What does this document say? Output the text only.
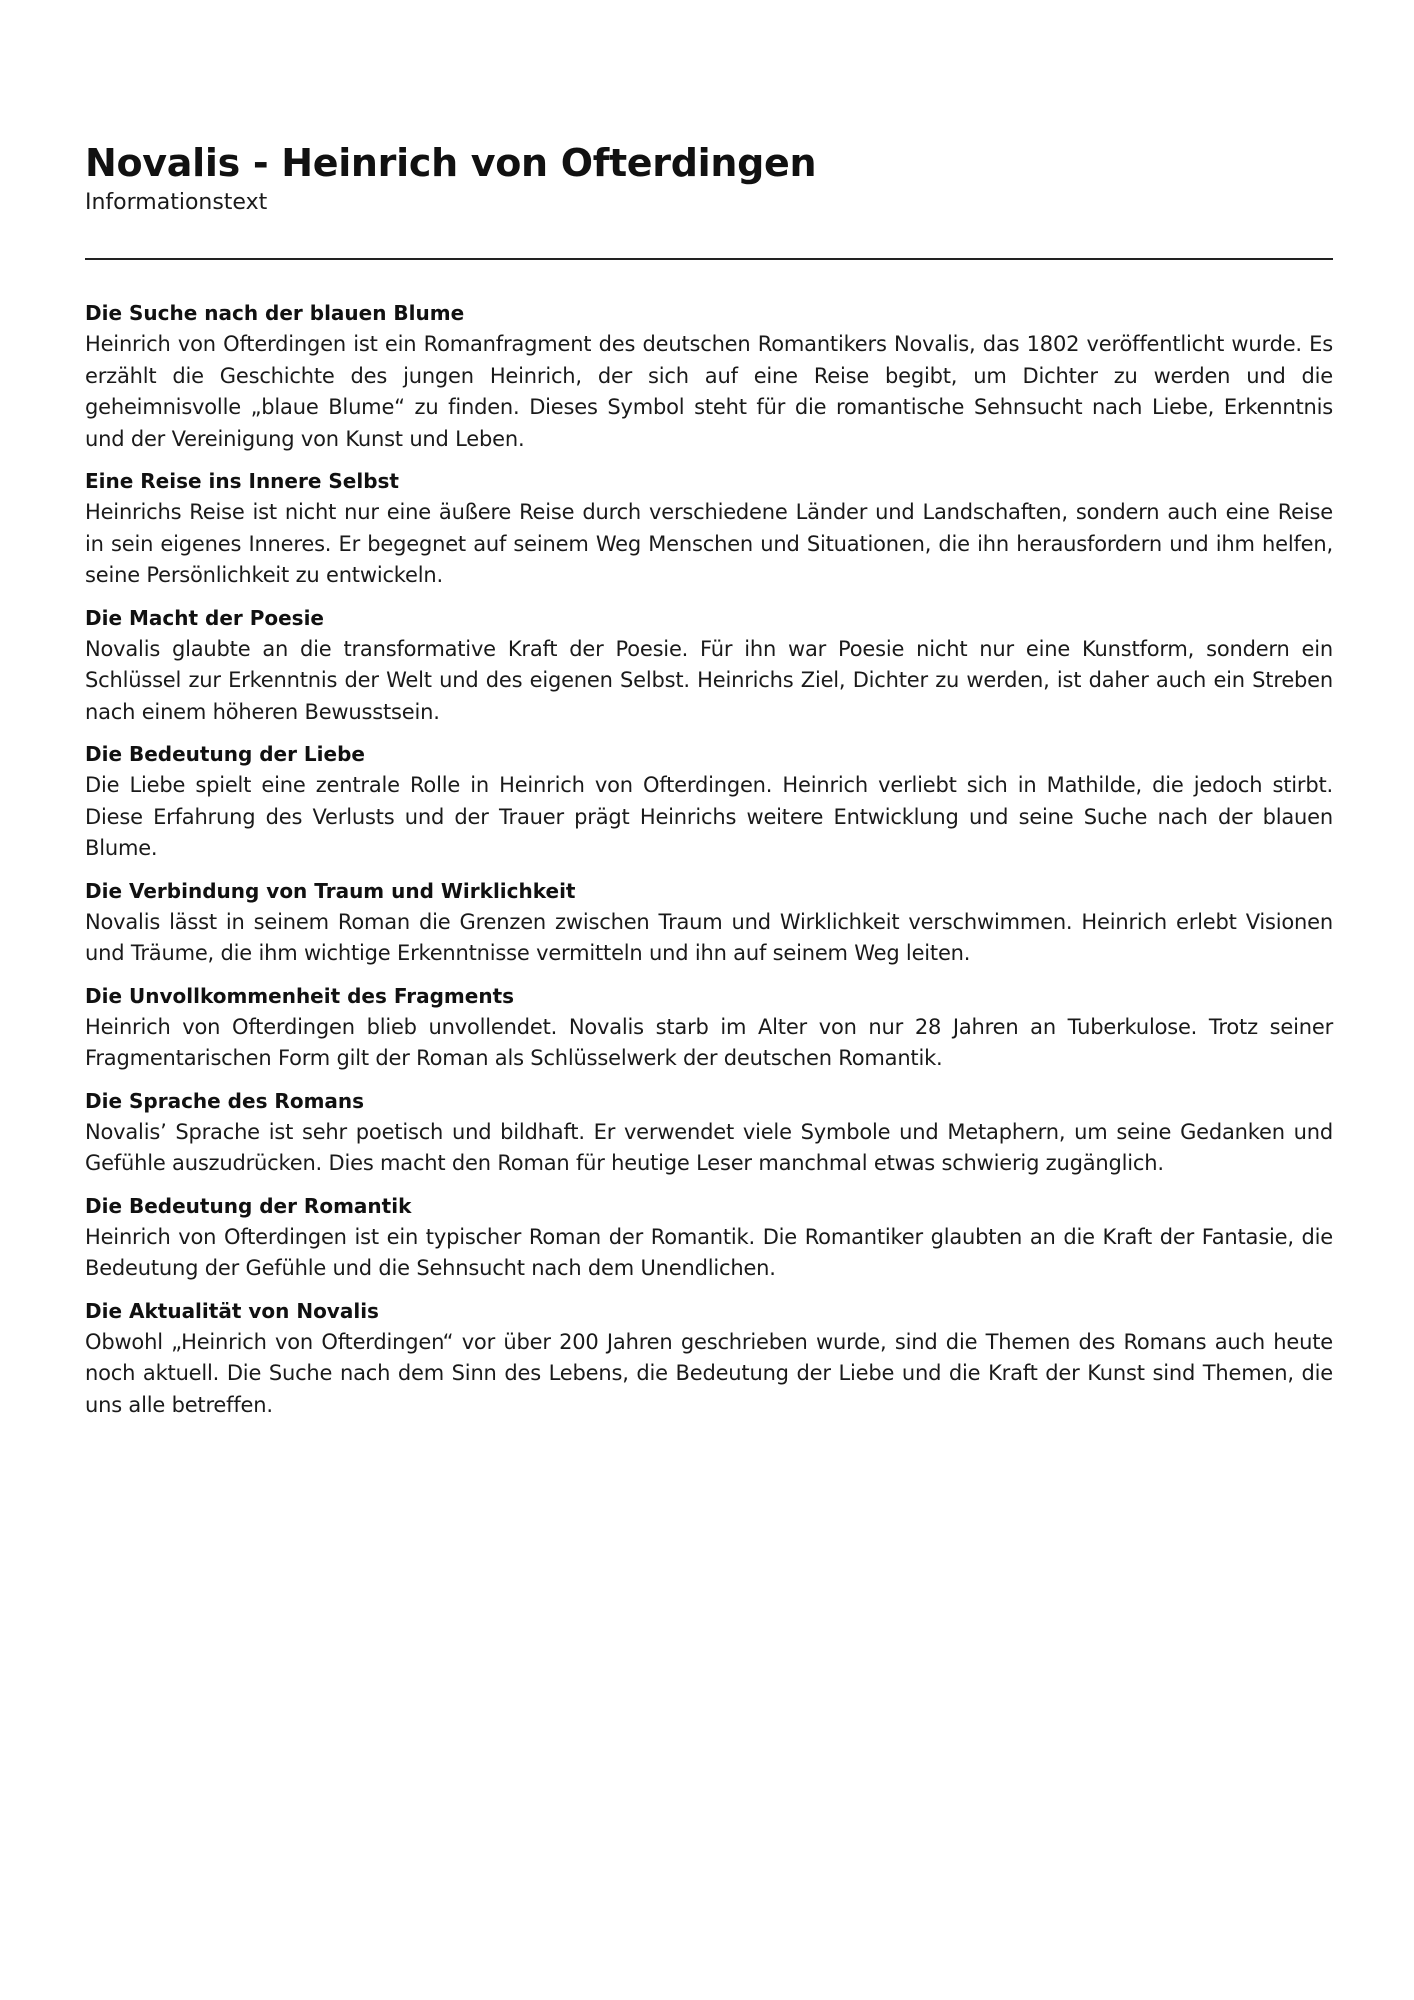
Novalis - Heinrich von Ofterdingen
Informationstext
Die Suche nach der blauen Blume

Heinrich von Ofterdingen ist ein Romanfragment des deutschen Romantikers Novalis, das 1802 veröffentlicht wurde. Es erzählt die Geschichte des jungen Heinrich, der sich auf eine Reise begibt, um Dichter zu werden und die geheimnisvolle „blaue Blume“ zu finden. Dieses Symbol steht für die romantische Sehnsucht nach Liebe, Erkenntnis und der Vereinigung von Kunst und Leben.

Eine Reise ins Innere Selbst

Heinrichs Reise ist nicht nur eine äußere Reise durch verschiedene Länder und Landschaften, sondern auch eine Reise in sein eigenes Inneres. Er begegnet auf seinem Weg Menschen und Situationen, die ihn herausfordern und ihm helfen, seine Persönlichkeit zu entwickeln.

Die Macht der Poesie

Novalis glaubte an die transformative Kraft der Poesie. Für ihn war Poesie nicht nur eine Kunstform, sondern ein Schlüssel zur Erkenntnis der Welt und des eigenen Selbst. Heinrichs Ziel, Dichter zu werden, ist daher auch ein Streben nach einem höheren Bewusstsein.

Die Bedeutung der Liebe

Die Liebe spielt eine zentrale Rolle in Heinrich von Ofterdingen. Heinrich verliebt sich in Mathilde, die jedoch stirbt. Diese Erfahrung des Verlusts und der Trauer prägt Heinrichs weitere Entwicklung und seine Suche nach der blauen Blume.

Die Verbindung von Traum und Wirklichkeit

Novalis lässt in seinem Roman die Grenzen zwischen Traum und Wirklichkeit verschwimmen. Heinrich erlebt Visionen und Träume, die ihm wichtige Erkenntnisse vermitteln und ihn auf seinem Weg leiten.

Die Unvollkommenheit des Fragments

Heinrich von Ofterdingen blieb unvollendet. Novalis starb im Alter von nur 28 Jahren an Tuberkulose. Trotz seiner Fragmentarischen Form gilt der Roman als Schlüsselwerk der deutschen Romantik.

Die Sprache des Romans

Novalis’ Sprache ist sehr poetisch und bildhaft. Er verwendet viele Symbole und Metaphern, um seine Gedanken und Gefühle auszudrücken. Dies macht den Roman für heutige Leser manchmal etwas schwierig zugänglich.

Die Bedeutung der Romantik

Heinrich von Ofterdingen ist ein typischer Roman der Romantik. Die Romantiker glaubten an die Kraft der Fantasie, die Bedeutung der Gefühle und die Sehnsucht nach dem Unendlichen.

Die Aktualität von Novalis

Obwohl „Heinrich von Ofterdingen“ vor über 200 Jahren geschrieben wurde, sind die Themen des Romans auch heute noch aktuell. Die Suche nach dem Sinn des Lebens, die Bedeutung der Liebe und die Kraft der Kunst sind Themen, die uns alle betreffen.
